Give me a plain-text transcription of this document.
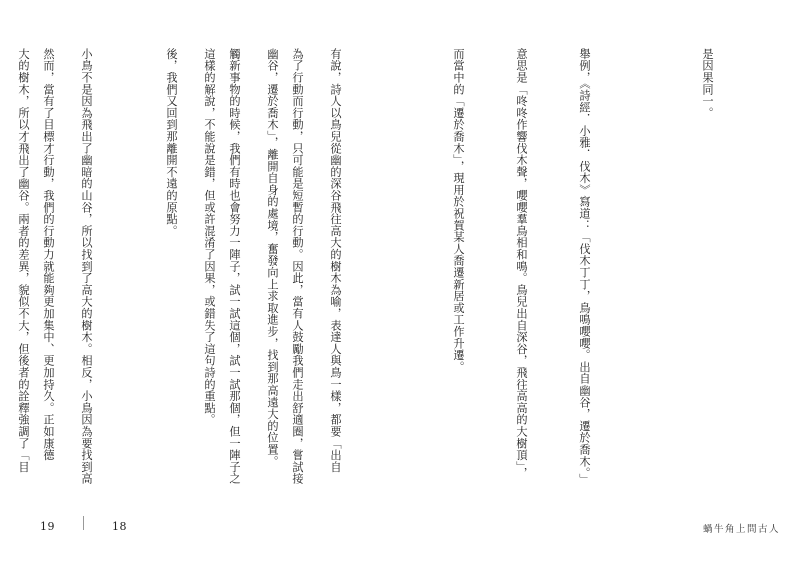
為了行動而行動，只可能是短暫的行動。因此，當有人鼓勵我們走出舒適圈，嘗試接

觸新事物的時候，我們有時也會努力一陣子，試一試這個，試一試那個，但一陣子之

後，我們又回到那離開不遠的原點。

然而，當有了目標才行動，我們的行動力就能夠更加集中、更加持久。正如康德

19	18

是因果同一。

舉例，《詩經．小雅．伐木》寫道：「伐木丁丁，鳥鳴嚶嚶。出自幽谷，遷於喬木。」

意思是「咚咚作響伐木聲，嚶嚶羣鳥相和鳴。鳥兒出自深谷，飛往高高的大樹頂」，

而當中的「遷於喬木」，現用於祝賀某人喬遷新居或工作升遷。

有說，詩人以鳥兒從幽的深谷飛往高大的樹木為喻，表達人與鳥一樣，都要「出自

幽谷，遷於喬木」，離開自身的處境，奮發向上求取進步，找到那高遠大的位置。

這樣的解說，不能說是錯，但或許混淆了因果，或錯失了這句詩的重點。

小鳥不是因為飛出了幽暗的山谷，所以找到了高大的樹木。相反，小鳥因為要找到高

大的樹木，所以才飛出了幽谷。兩者的差異，貌似不大，但後者的詮釋強調了「目

蝸牛角上問古人
